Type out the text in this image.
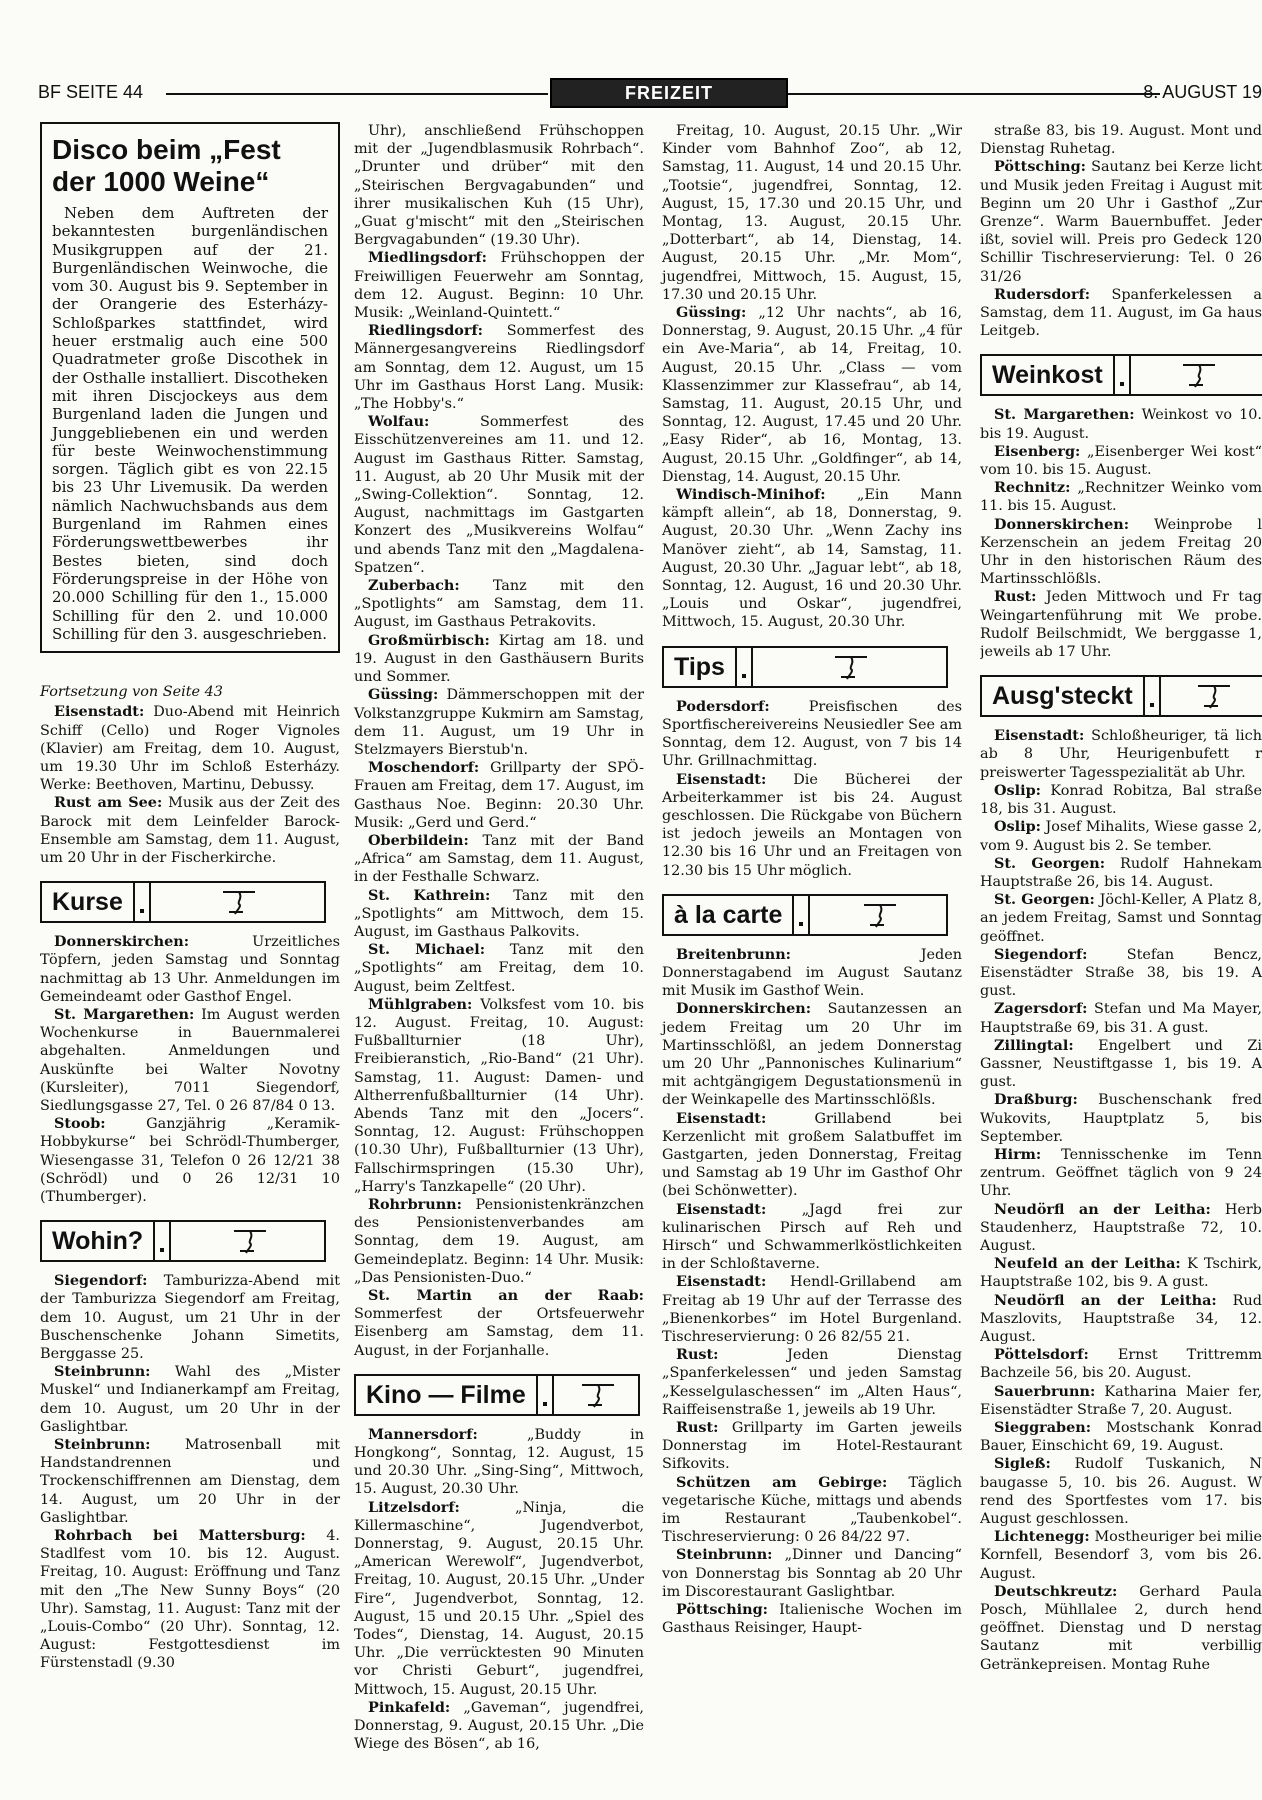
BF SEITE 44	FREIZEIT	8. AUGUST 19
Disco beim „Fest der 1000 Weine“

Neben dem Auftreten der bekanntesten burgenländischen Musikgruppen auf der 21. Burgenländischen Weinwoche, die vom 30. August bis 9. September in der Orangerie des Esterházy-Schloßparkes stattfindet, wird heuer erstmalig auch eine 500 Quadratmeter große Discothek in der Osthalle installiert. Discotheken mit ihren Discjockeys aus dem Burgenland laden die Jungen und Junggebliebenen ein und werden für beste Weinwochenstimmung sorgen. Täglich gibt es von 22.15 bis 23 Uhr Livemusik. Da werden nämlich Nachwuchsbands aus dem Burgenland im Rahmen eines Förderungswettbewerbes ihr Bestes bieten, sind doch Förderungspreise in der Höhe von 20.000 Schilling für den 1., 15.000 Schilling für den 2. und 10.000 Schilling für den 3. ausgeschrieben.

Fortsetzung von Seite 43

Eisenstadt: Duo-Abend mit Heinrich Schiff (Cello) und Roger Vignoles (Klavier) am Freitag, dem 10. August, um 19.30 Uhr im Schloß Esterházy. Werke: Beethoven, Martinu, Debussy.

Rust am See: Musik aus der Zeit des Barock mit dem Leinfelder Barock-Ensemble am Samstag, dem 11. August, um 20 Uhr in der Fischerkirche.

Kurse

Donnerskirchen: Urzeitliches Töpfern, jeden Samstag und Sonntag nachmittag ab 13 Uhr. Anmeldungen im Gemeindeamt oder Gasthof Engel.

St. Margarethen: Im August werden Wochenkurse in Bauernmalerei abgehalten. Anmeldungen und Auskünfte bei Walter Novotny (Kursleiter), 7011 Siegendorf, Siedlungsgasse 27, Tel. 0 26 87/84 0 13.

Stoob: Ganzjährig „Keramik-Hobbykurse“ bei Schrödl-Thumberger, Wiesengasse 31, Telefon 0 26 12/21 38 (Schrödl) und 0 26 12/31 10 (Thumberger).

Wohin?

Siegendorf: Tamburizza-Abend mit der Tamburizza Siegendorf am Freitag, dem 10. August, um 21 Uhr in der Buschenschenke Johann Simetits, Berggasse 25.

Steinbrunn: Wahl des „Mister Muskel“ und Indianerkampf am Freitag, dem 10. August, um 20 Uhr in der Gaslightbar.

Steinbrunn: Matrosenball mit Handstandrennen und Trockenschiffrennen am Dienstag, dem 14. August, um 20 Uhr in der Gaslightbar.

Rohrbach bei Mattersburg: 4. Stadlfest vom 10. bis 12. August. Freitag, 10. August: Eröffnung und Tanz mit den „The New Sunny Boys“ (20 Uhr). Samstag, 11. August: Tanz mit der „Louis-Combo“ (20 Uhr). Sonntag, 12. August: Festgottesdienst im Fürstenstadl (9.30

Uhr), anschließend Frühschoppen mit der „Jugendblasmusik Rohrbach“. „Drunter und drüber“ mit den „Steirischen Bergvagabunden“ und ihrer musikalischen Kuh (15 Uhr), „Guat g'mischt“ mit den „Steirischen Bergvagabunden“ (19.30 Uhr).

Miedlingsdorf: Frühschoppen der Freiwilligen Feuerwehr am Sonntag, dem 12. August. Beginn: 10 Uhr. Musik: „Weinland-Quintett.“

Riedlingsdorf: Sommerfest des Männergesangvereins Riedlingsdorf am Sonntag, dem 12. August, um 15 Uhr im Gasthaus Horst Lang. Musik: „The Hobby's.“

Wolfau: Sommerfest des Eisschützenvereines am 11. und 12. August im Gasthaus Ritter. Samstag, 11. August, ab 20 Uhr Musik mit der „Swing-Collektion“. Sonntag, 12. August, nachmittags im Gastgarten Konzert des „Musikvereins Wolfau“ und abends Tanz mit den „Magdalena-Spatzen“.

Zuberbach: Tanz mit den „Spotlights“ am Samstag, dem 11. August, im Gasthaus Petrakovits.

Großmürbisch: Kirtag am 18. und 19. August in den Gasthäusern Burits und Sommer.

Güssing: Dämmerschoppen mit der Volkstanzgruppe Kukmirn am Samstag, dem 11. August, um 19 Uhr in Stelzmayers Bierstub'n.

Moschendorf: Grillparty der SPÖ-Frauen am Freitag, dem 17. August, im Gasthaus Noe. Beginn: 20.30 Uhr. Musik: „Gerd und Gerd.“

Oberbildein: Tanz mit der Band „Africa“ am Samstag, dem 11. August, in der Festhalle Schwarz.

St. Kathrein: Tanz mit den „Spotlights“ am Mittwoch, dem 15. August, im Gasthaus Palkovits.

St. Michael: Tanz mit den „Spotlights“ am Freitag, dem 10. August, beim Zeltfest.

Mühlgraben: Volksfest vom 10. bis 12. August. Freitag, 10. August: Fußballturnier (18 Uhr), Freibieranstich, „Rio-Band“ (21 Uhr). Samstag, 11. August: Damen- und Altherrenfußballturnier (14 Uhr). Abends Tanz mit den „Jocers“. Sonntag, 12. August: Frühschoppen (10.30 Uhr), Fußballturnier (13 Uhr), Fallschirmspringen (15.30 Uhr), „Harry's Tanzkapelle“ (20 Uhr).

Rohrbrunn: Pensionistenkränzchen des Pensionistenverbandes am Sonntag, dem 19. August, am Gemeindeplatz. Beginn: 14 Uhr. Musik: „Das Pensionisten-Duo.“

St. Martin an der Raab: Sommerfest der Ortsfeuerwehr Eisenberg am Samstag, dem 11. August, in der Forjanhalle.

Kino — Filme

Mannersdorf: „Buddy in Hongkong“, Sonntag, 12. August, 15 und 20.30 Uhr. „Sing-Sing“, Mittwoch, 15. August, 20.30 Uhr.

Litzelsdorf: „Ninja, die Killermaschine“, Jugendverbot, Donnerstag, 9. August, 20.15 Uhr. „American Werewolf“, Jugendverbot, Freitag, 10. August, 20.15 Uhr. „Under Fire“, Jugendverbot, Sonntag, 12. August, 15 und 20.15 Uhr. „Spiel des Todes“, Dienstag, 14. August, 20.15 Uhr. „Die verrücktesten 90 Minuten vor Christi Geburt“, jugendfrei, Mittwoch, 15. August, 20.15 Uhr.

Pinkafeld: „Gaveman“, jugendfrei, Donnerstag, 9. August, 20.15 Uhr. „Die Wiege des Bösen“, ab 16,

Freitag, 10. August, 20.15 Uhr. „Wir Kinder vom Bahnhof Zoo“, ab 12, Samstag, 11. August, 14 und 20.15 Uhr. „Tootsie“, jugendfrei, Sonntag, 12. August, 15, 17.30 und 20.15 Uhr, und Montag, 13. August, 20.15 Uhr. „Dotterbart“, ab 14, Dienstag, 14. August, 20.15 Uhr. „Mr. Mom“, jugendfrei, Mittwoch, 15. August, 15, 17.30 und 20.15 Uhr.

Güssing: „12 Uhr nachts“, ab 16, Donnerstag, 9. August, 20.15 Uhr. „4 für ein Ave-Maria“, ab 14, Freitag, 10. August, 20.15 Uhr. „Class — vom Klassenzimmer zur Klassefrau“, ab 14, Samstag, 11. August, 20.15 Uhr, und Sonntag, 12. August, 17.45 und 20 Uhr. „Easy Rider“, ab 16, Montag, 13. August, 20.15 Uhr. „Goldfinger“, ab 14, Dienstag, 14. August, 20.15 Uhr.

Windisch-Minihof: „Ein Mann kämpft allein“, ab 18, Donnerstag, 9. August, 20.30 Uhr. „Wenn Zachy ins Manöver zieht“, ab 14, Samstag, 11. August, 20.30 Uhr. „Jaguar lebt“, ab 18, Sonntag, 12. August, 16 und 20.30 Uhr. „Louis und Oskar“, jugendfrei, Mittwoch, 15. August, 20.30 Uhr.

Tips

Podersdorf: Preisfischen des Sportfischereivereins Neusiedler See am Sonntag, dem 12. August, von 7 bis 14 Uhr. Grillnachmittag.

Eisenstadt: Die Bücherei der Arbeiterkammer ist bis 24. August geschlossen. Die Rückgabe von Büchern ist jedoch jeweils an Montagen von 12.30 bis 16 Uhr und an Freitagen von 12.30 bis 15 Uhr möglich.

à la carte

Breitenbrunn: Jeden Donnerstagabend im August Sautanz mit Musik im Gasthof Wein.

Donnerskirchen: Sautanzessen an jedem Freitag um 20 Uhr im Martinsschlößl, an jedem Donnerstag um 20 Uhr „Pannonisches Kulinarium“ mit achtgängigem Degustationsmenü in der Weinkapelle des Martinsschlößls.

Eisenstadt: Grillabend bei Kerzenlicht mit großem Salatbuffet im Gastgarten, jeden Donnerstag, Freitag und Samstag ab 19 Uhr im Gasthof Ohr (bei Schönwetter).

Eisenstadt: „Jagd frei zur kulinarischen Pirsch auf Reh und Hirsch“ und Schwammerlköstlichkeiten in der Schloßtaverne.

Eisenstadt: Hendl-Grillabend am Freitag ab 19 Uhr auf der Terrasse des „Bienenkorbes“ im Hotel Burgenland. Tischreservierung: 0 26 82/55 21.

Rust: Jeden Dienstag „Spanferkelessen“ und jeden Samstag „Kesselgulaschessen“ im „Alten Haus“, Raiffeisenstraße 1, jeweils ab 19 Uhr.

Rust: Grillparty im Garten jeweils Donnerstag im Hotel-Restaurant Sifkovits.

Schützen am Gebirge: Täglich vegetarische Küche, mittags und abends im Restaurant „Taubenkobel“. Tischreservierung: 0 26 84/22 97.

Steinbrunn: „Dinner und Dancing“ von Donnerstag bis Sonntag ab 20 Uhr im Discorestaurant Gaslightbar.

Pöttsching: Italienische Wochen im Gasthaus Reisinger, Haupt-

straße 83, bis 19. August. Mont und Dienstag Ruhetag.

Pöttsching: Sautanz bei Kerze licht und Musik jeden Freitag i August mit Beginn um 20 Uhr i Gasthof „Zur Grenze“. Warm Bauernbuffet. Jeder ißt, soviel will. Preis pro Gedeck 120 Schillir Tischreservierung: Tel. 0 26 31/26

Rudersdorf: Spanferkelessen a Samstag, dem 11. August, im Ga haus Leitgeb.

Weinkost

St. Margarethen: Weinkost vo 10. bis 19. August.

Eisenberg: „Eisenberger Wei kost“ vom 10. bis 15. August.

Rechnitz: „Rechnitzer Weinko vom 11. bis 15. August.

Donnerskirchen: Weinprobe l Kerzenschein an jedem Freitag 20 Uhr in den historischen Räum des Martinsschlößls.

Rust: Jeden Mittwoch und Fr tag Weingartenführung mit We probe. Rudolf Beilschmidt, We berggasse 1, jeweils ab 17 Uhr.

Ausg'steckt

Eisenstadt: Schloßheuriger, tä lich ab 8 Uhr, Heurigenbufett r preiswerter Tagesspezialität ab Uhr.

Oslip: Konrad Robitza, Bal straße 18, bis 31. August.

Oslip: Josef Mihalits, Wiese gasse 2, vom 9. August bis 2. Se tember.

St. Georgen: Rudolf Hahnekam Hauptstraße 26, bis 14. August.

St. Georgen: Jöchl-Keller, A Platz 8, an jedem Freitag, Samst und Sonntag geöffnet.

Siegendorf: Stefan Bencz, Eisenstädter Straße 38, bis 19. A gust.

Zagersdorf: Stefan und Ma Mayer, Hauptstraße 69, bis 31. A gust.

Zillingtal: Engelbert und Zi Gassner, Neustiftgasse 1, bis 19. A gust.

Draßburg: Buschenschank fred Wukovits, Hauptplatz 5, bis September.

Hirm: Tennisschenke im Tenn zentrum. Geöffnet täglich von 9 24 Uhr.

Neudörfl an der Leitha: Herb Staudenherz, Hauptstraße 72, 10. August.

Neufeld an der Leitha: K Tschirk, Hauptstraße 102, bis 9. A gust.

Neudörfl an der Leitha: Rud Maszlovits, Hauptstraße 34, 12. August.

Pöttelsdorf: Ernst Trittremm Bachzeile 56, bis 20. August.

Sauerbrunn: Katharina Maier fer, Eisenstädter Straße 7, 20. August.

Sieggraben: Mostschank Konrad Bauer, Einschicht 69, 19. August.

Sigleß: Rudolf Tuskanich, N baugasse 5, 10. bis 26. August. W rend des Sportfestes vom 17. bis August geschlossen.

Lichtenegg: Mostheuriger bei milie Kornfell, Besendorf 3, vom bis 26. August.

Deutschkreutz: Gerhard Paula Posch, Mühllalee 2, durch hend geöffnet. Dienstag und D nerstag Sautanz mit verbillig Getränkepreisen. Montag Ruhe
